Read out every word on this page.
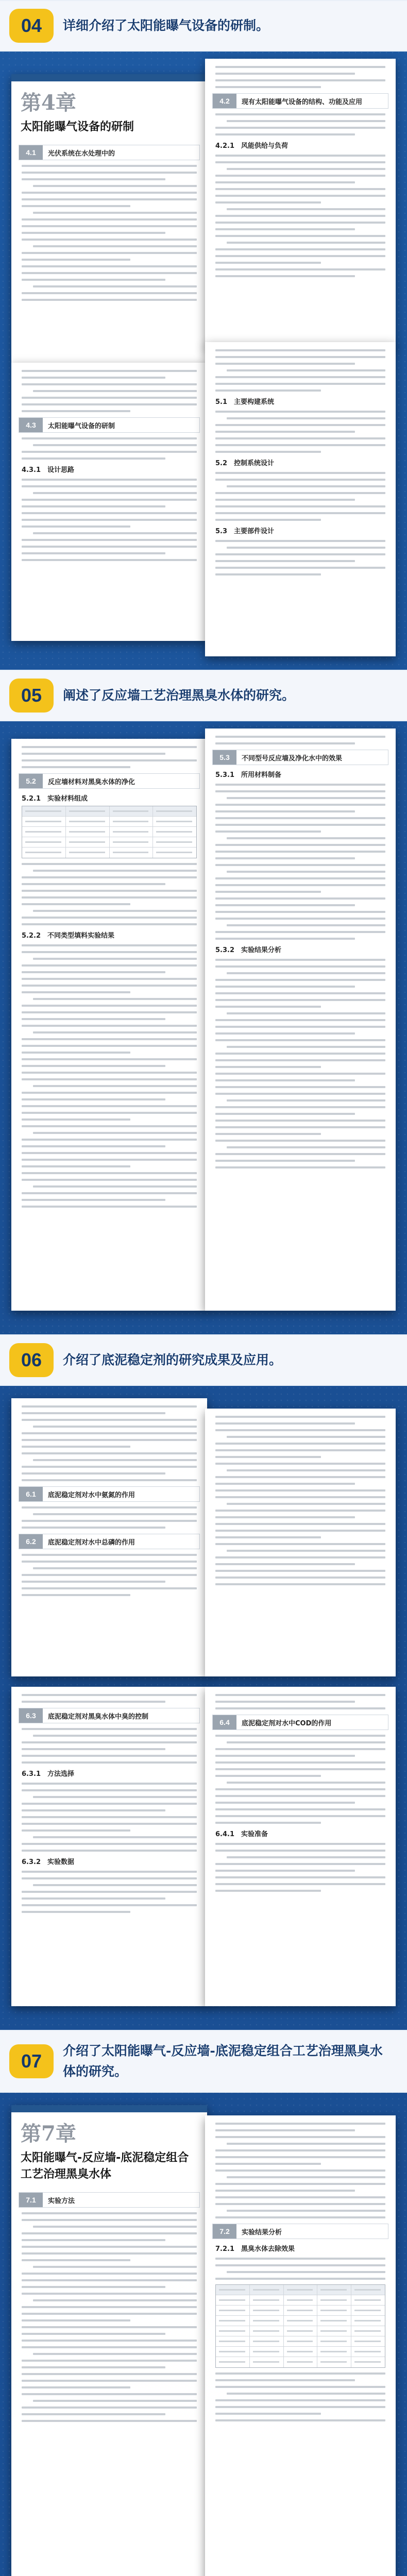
04 详细介绍了太阳能曝气设备的研制。
第4章
太阳能曝气设备的研制
4.1	光伏系统在水处理中的
4.2	现有太阳能曝气设备的结构、功能及应用
4.2.1　风能供给与负荷
4.3	太阳能曝气设备的研制
4.3.1　设计思路
5.1　主要构建系统
5.2　控制系统设计
5.3　主要部件设计
05 阐述了反应墙工艺治理黑臭水体的研究。
5.2	反应墙材料对黑臭水体的净化
5.2.1　实验材料组成
5.2.2　不同类型填料实验结果
5.3	不同型号反应墙及净化水中的效果
5.3.1　所用材料制备
5.3.2　实验结果分析
06 介绍了底泥稳定剂的研究成果及应用。
6.1	底泥稳定剂对水中氨氮的作用
6.2	底泥稳定剂对水中总磷的作用
6.3	底泥稳定剂对黑臭水体中臭的控制
6.3.1　方法选择
6.3.2　实验数据
6.4	底泥稳定剂对水中COD的作用
6.4.1　实验准备
07 介绍了太阳能曝气-反应墙-底泥稳定组合工艺治理黑臭水体的研究。
第7章
太阳能曝气-反应墙-底泥稳定组合工艺治理黑臭水体
7.1	实验方法
7.2	实验结果分析
7.2.1　黑臭水体去除效果
